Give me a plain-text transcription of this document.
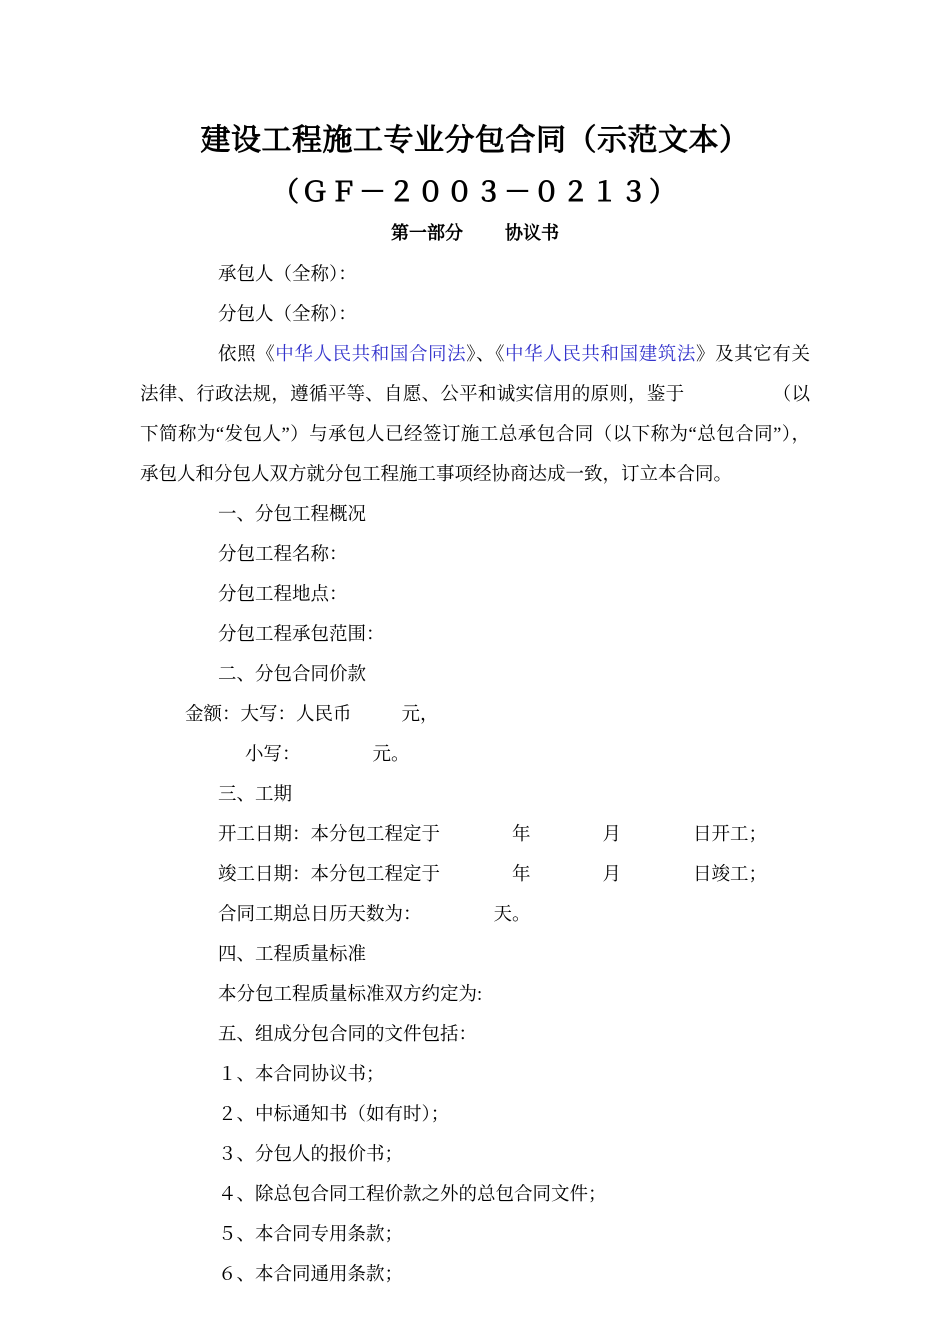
建设工程施工专业分包合同（示范文本）
（ＧＦ－２００３－０２１３）
第一部分 协议书
承包人（全称）：
分包人（全称）：
依照《中华人民共和国合同法》、《中华人民共和国建筑法》及其它有关法律、行政法规，遵循平等、自愿、公平和诚实信用的原则，鉴于	（以下简称为“发包人”）与承包人已经签订施工总承包合同（以下称为“总包合同”），承包人和分包人双方就分包工程施工事项经协商达成一致，订立本合同。
一、分包工程概况
分包工程名称：
分包工程地点：
分包工程承包范围：
二、分包合同价款
金额：大写：人民币	元，
小写：	元。
三、工期
开工日期：本分包工程定于	年	月	日开工；
竣工日期：本分包工程定于	年	月	日竣工；
合同工期总日历天数为：	天。
四、工程质量标准
本分包工程质量标准双方约定为:
五、组成分包合同的文件包括：
１、本合同协议书；
２、中标通知书（如有时）；
３、分包人的报价书；
４、除总包合同工程价款之外的总包合同文件；
５、本合同专用条款；
６、本合同通用条款；
